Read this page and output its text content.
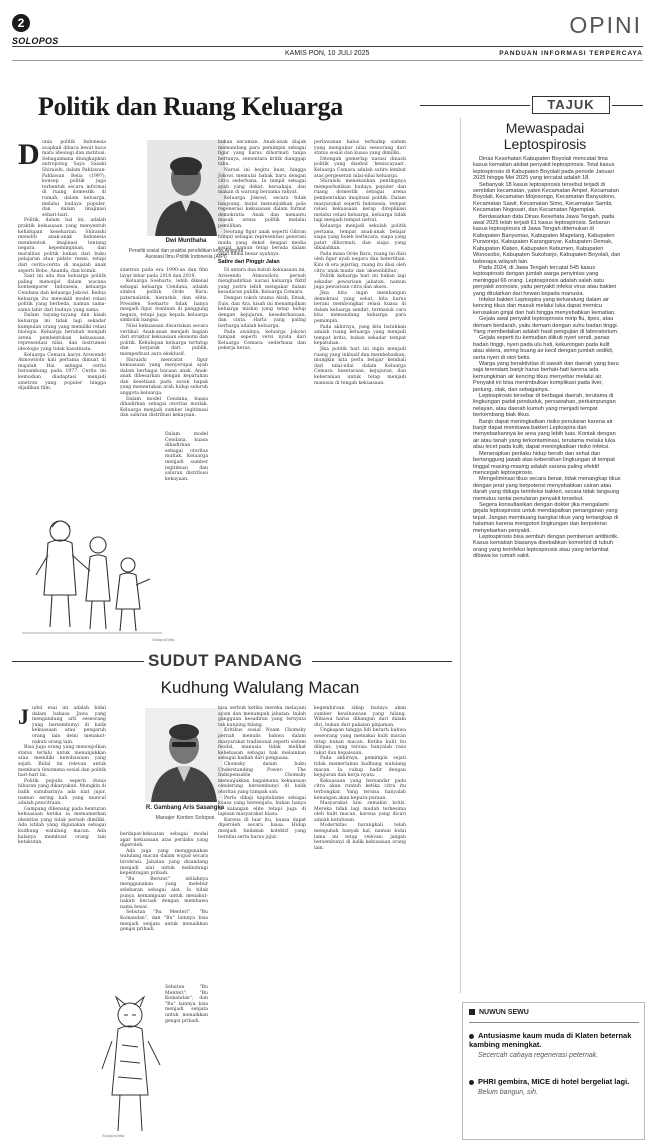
2
SOLOPOS
OPINI
KAMIS PON, 10 JULI 2025	PANDUAN INFORMASI TERPERCAYA
Politik dan Ruang Keluarga
D unia politik Indonesia acapkali dibaca lewat kaca mata ideologi dan institusi. Sebagaimana diungkapkan antropolog Saya Sasaki Shiraishi, dalam Pahlawan-Pahlawan Belia (1997), konsep politik juga terbentuk secara informal di ruang domestik: di rumah, dalam keluarga, melalui budaya populer, dan dalam imajinasi sehari-hari.

Politik, dalam hal ini, adalah praktik kekuasaan yang menyentuh kehidupan keseharian. Shiraishi meneliti anak-anak Indonesia membentuk imajinasi tentang negara, kepemimpinan, dan moralitas politik bukan dari buku pelajaran atau pidato resmi, tetapi dari cerita-cerita di majalah anak seperti Bobo, Ananda, dan komik.

Saat ini ada dua keluarga politik paling menonjol dalam wacana kontemporer Indonesia, keluarga Cendana dan keluarga Jokowi. Kedua keluarga itu mewakili model relasi politik yang berbeda, namun sama-sama lahir dari budaya yang sama.

Dalam tayang-tayang dan kisah keluarga ini tidak lagi sekadar kumpulan orang yang memiliki relasi biologis. Keluarga berubah menjadi arena pembentukan kekuasaan, representasi nilai, dan instrumen ideologis yang tidak kasatmata.

Keluarga Cemara karya Arswendo Atmowiloto kali pertama dimuat di majalah Hai sebagai cerita bersambung pada 1977. Cerita ini kemudian diadaptasi menjadi sinetron yang populer hingga dijadikan film.

Dwi Munthaha
Peneliti sosial dan praktisi pendidikan kritis Anggota Asosiasi Ilmu Politik Indonesia (AIPI)

sinetron pada era 1990-an dan film layar lebar pada 2018 dan 2019.

Keluarga Soeharto, lebih dikenal sebagai keluarga Cendana, adalah simbol politik Orde Baru: paternalistik, hierarkis, dan elitis. Presiden Soeharto tidak hanya menjadi figur dominan di panggung negara, tetapi juga kepala keluarga simbolik bangsa.

Nilai kekuasaan diwariskan secara vertikal. Anak-anak menjadi bagian dari struktur kekuasaan ekonomi dan politik. Kehidupan keluarga tertutup dan berjarak dari publik, memperkuat aura eksklusif.

Shiraishi mencatat figur kekuasaan yang menyerupai ayah dalam berbagai bacaan anak. Anak-anak dibesarkan dengan kepatuhan dan kesetiaan pada sosok bapak yang menentukan arah hidup seluruh anggota keluarga.

Dalam model Cendana, kuasa dihadirkan sebagai otoritas mutlak. Keluarga menjadi sumber legitimasi dan saluran distribusi kekayaan.

Dalam model Cendana, kuasa dihadirkan sebagai otoritas mutlak. Keluarga menjadi sumber legitimasi dan saluran distribusi kekayaan.

Solopos/Vita

bukan ancaman. Anak-anak diajak memandang para pemimpin sebagai figur yang harus dihormati tanpa bertanya, sementara kritik dianggap tabu.

Narasi ini begitu kuat, hingga Jokowi memulai babak baru dengan citra sederhana. Ia tampil sebagai ayah yang dekat, bersahaja, dan makan di warung bersama rakyat.

Keluarga Jokowi, secara tidak langsung, mulai menunjukkan pola regenerasi kekuasaan dalam format demokratis. Anak dan menantu masuk arena politik melalui pemilihan.

Seorang figur anak seperti Gibran tampil sebagai representasi generasi muda yang dekat dengan media sosial, namun tetap berada dalam orbit nama besar ayahnya.

Satire dari Pinggir Jalan

Di antara dua kutub kekuasaan ini, Arswendo Atmowiloto pernah menghadirkan narasi keluarga fiktif yang justru lebih mengakar dalam kesadaran publik: Keluarga Cemara.

Dengan tokoh utama Abah, Emak, Euis, dan Ara, kisah ini menampilkan keluarga miskin yang tetap hidup dengan kejujuran, kesederhanaan, dan cinta. Harta yang paling berharga adalah keluarga.

Pada awalnya, keluarga Jokowi tampak seperti versi nyata dari Keluarga Cemara: sederhana dan pekerja keras.

perlawanan halus terhadap sistem yang mengukur nilai seseorang dari status sosial dan kuasa yang dimiliki.

Ditengah gemerlap narasi dinasti politik yang disebut 'keniscayaan', Keluarga Cemara adalah satire lembut atas pergeseran nilai-nilai keluarga.

Shiraishi menekankan pentingnya memperhatikan budaya populer dan ruang domestik sebagai arena pembentukan imajinasi politik. Dalam masyarakat seperti Indonesia, tempat relasi kekuasaan kerap direplikasi melalui relasi keluarga, keluarga tidak lagi menjadi tempat netral.

Keluarga menjadi sekolah politik pertama, tempat anak-anak belajar siapa yang boleh berbicara, siapa yang patut dihormati, dan siapa yang dikalahkan.

Pada masa Orde Baru, ruang ini diisi oleh figur ayah negara dan ketertiban. Kini di era jejaring, ruang itu diisi oleh citra 'anak muda' dan 'aksesibilitas'.

Politik keluarga hari ini bukan lagi sekadar pewarisan jabatan, namun juga pewarisan citra dan akses.

Jika kita ingin membangun demokrasi yang sehat, kita harus berani membongkar relasi kuasa di dalam keluarga sendiri, termasuk cara kita memandang keluarga para pemimpin.

Pada akhirnya, yang kita butuhkan adalah ruang keluarga yang menjadi tempat kritis, bukan sekadar tempat kepatuhan.

Jika politik hari ini ingin menjadi ruang yang inklusif dan membebaskan, mungkin kita perlu belajar kembali dari nilai-nilai dalam Keluarga Cemara: kesetaraan, kejujuran, dan keberanian untuk tetap menjadi manusia di tengah kekuasaan.

TAJUK
Mewaspadai Leptospirosis

Dinas Kesehatan Kabupaten Boyolali mencatat lima kasus kematian akibat penyakit leptospirosis. Total kasus leptospirosis di Kabupaten Boyolali pada periode Januari 2025 hingga Mei 2025 yang tercatat adalah 18.

Sebanyak 18 kasus leptospirosis tersebut terjadi di sembilan kecamatan, yakni Kecamatan Ampel, Kecamatan Boyolali, Kecamatan Mojosongo, Kecamatan Banyudono, Kecamatan Sawit, Kecamatan Simo, Kecamatan Sambi, Kecamatan Nogosari, dan Kecamatan Ngemplak.

Berdasarkan data Dinas Kesehata Jawa Tengah, pada awal 2025 telah terjadi 61 kasus leptospirosis. Sebaran kasus leptospirosis di Jawa Tengah ditemukan di Kabupaten Banyumas, Kabupaten Magelang, Kabupaten Purworejo, Kabupaten Karanganyar, Kabupaten Demak, Kabupaten Klaten, Kabupaten Kebumen, Kabupaten Wonosobo, Kabupaten Sukoharjo, Kabupaten Boyolali, dan beberapa wilayah lain.

Pada 2024, di Jawa Tengah tercatat 545 kasus leptospirosis dengan jumlah warga penyintas yang meninggal 66 orang. Leptospirosis adalah salah satu penyakit zoonosis, yaitu penyakit infeksi virus atau bakteri yang ditularkan dari hewan kepada manusia.

Infeksi bakteri Leptospira yang terkandung dalam air kencing tikus dan masuk melalui luka dapat memicu kerusakan ginjal dan hati hingga menyebabkan kematian.

Gejala awal penyakit leptospirosis mirip flu, tipes, atau demam berdarah, yaitu demam dengan suhu badan tinggi. Yang membedakan adalah hasil pengujian di laboratorium.

Gejala seperti itu kemudian diikuti nyeri sendi, panas badan tinggi, nyeri pada ulu hati, kekuningan pada kulit atau sklera, sering buang air kecil dengan jumlah sedikit, serta nyeri di otot betis.

Warga yang beraktivitas di sawah dan daerah yang baru saja terendam banjir harus berhati-hati karena ada kemungkinan air kencing tikus menyebar melalui air. Penyakit ini bisa menimbulkan komplikasi pada liver, jantung, otak, dan sebagainya.

Leptospirosis tersebar di berbagai daerah, terutama di lingkungan padat penduduk, persawahan, perkampungan nelayan, atau daerah kumuh yang menjadi tempat berkembang biak tikus.

Banjir dapat meningkatkan risiko penularan karena air banjir dapat membawa bakteri Leptospira dan menyebarkannya ke area yang lebih luas. Kontak dengan air atau tanah yang terkontaminasi, terutama melalui luka atau lecet pada kulit, dapat meningkatkan risiko infeksi.

Menerapkan perilaku hidup bersih dan sehat dan bertanggung jawab atas kebersihan lingkungan di tempat tinggal masing-masing adalah sarana paling efektif mencegah leptospirosis.

Mengeliminasi tikus secara benar, tidak menangkap tikus dengan jerat yang berpotensi menyebabkan cairan atau darah yang diduga terinfeksi bakteri, secara tidak langsung memutus rantai penularan penyakit tersebut.

Segera konsultasikan dengan dokter jika mengalami gejala leptospirosis untuk mendapatkan penanganan yang tepat. Jangan membuang bangkai tikus yang tertangkap di halaman karena mengotori lingkungan dan berpotensi menyebarkan penyakit.

Leptospirosis bisa sembuh dengan pemberian antibiotik. Kasus kematian biasanya disebabkan komorbid di tubuh orang yang terinfeksi leptospirosis atau yang terlambat dibawa ke rumah sakit.

NUWUN SEWU
Antusiasme kaum muda di Klaten beternak kambing meningkat.
Secercah cahaya regenerasi peternak.
PHRI gembira, MICE di hotel bergeliat lagi.
Belum bangun, sih.
SUDUT PANDANG
Kudhung Walulang Macan
J udul esai ini adalah bidal dalam bahasa Jawa yang mengandung arti seseorang yang bersembunyi di balik kekuasaan atau pengaruh orang lain demi menakut-nakuti orang lain.

Bisa juga orang yang menonjolkan status terlalu untuk menunjukkan atau memiliki kewibawaan yang sejati. Bidal ini relevan untuk membaca fenomena sosial dan politik hari-hari ini.

Politik populis seperti dunia hiburan yang dikaryakan. Mungkin di balik sanubarinya ada niat jujur, namun sering kali yang muncul adalah pencitraan.

Gampang dikenang pada benturan kekuasaan ketika ia memamerkan identitas yang tidak pernah dimiliki. Ada istilah yang digunakan sebagai kudhung walulang macan. Ada kalanya membuat orang lain ketakutan.

R. Gambang Aris Sasangka
Manajer Konten Solopos

berdapat-kekuatan sebagai modal agar kekuasaan atas perilaku yang diperoleh.

Ada juga yang menggunakan walulang macan dalam wujud secara birokrasi. Jabatan yang disandang menjadi alat untuk melindungi kepentingan pribadi.

"Bu Bersiwi" istilahnya menggunakan yang melebur selebaran sebagai alat. Ia tidak punya kemampuan untuk menakut-nakuti kecuali dengan membawa nama besar.

Sebutan "Bu Menteri", "Bu Komandan", dan "Bu" lainnya bisa menjadi senjata untuk menaikkan gengsi pribadi.

Sebutan "Bu Menteri", "Bu Komandan", dan "Bu" lainnya bisa menjadi senjata untuk menaikkan gengsi pribadi.

Solopos/Vita

bisa serbuk ketika mereka melayani ayam dan menumpuk jabatan. Inilah gangguan kesadiran yang ternyata tak kunjung hilang.

Kritikus sosial Noam Chomsky pernah menulis bahwa dalam masyarakat tradisional seperti sistem feodal, manusia tidak melihat kebebasan sebagai hak melainkan sebagai hadiah dari penguasa.

Chomsky dalam buku Understanding Power: The Indispensable Chomsky menunjukkan bagaimana kekuasaan cenderung bersembunyi di balik otoritas yang tampak sah.

Perlu dikaji kapitalisme sebagai kuasa yang bersenjata, bukan hanya di kalangan elite tetapi juga di lapisan masyarakat biasa.

Karena di luar itu, kuasa dapat diperoleh secara biasa. Hidup menjadi tindakan kolektif yang bernilai serta harus jujur.

kegembiraan sikap budaya akan sumber kewibawaan yang hilang. Wibawa harus dibangun dari dalam diri, bukan dari pakaian pinjaman.

Ungkapan tangga lidi berarti bahwa seseorang yang memakai kulit macan tetap bukan macan. Ketika kulit itu dilepas, yang tersisa hanyalah rasa takut dan kepalsuan.

Pada akhirnya, pemimpin sejati tidak memerlukan kudhung walulang macan. Ia cukup hadir dengan kejujuran dan kerja nyata.

Kekuasaan yang bersandar pada citra akan runtuh ketika citra itu terbongkar. Yang tersisa hanyalah kenangan akan kepura-puraan.

Masyarakat kini semakin kritis. Mereka tidak lagi mudah terkesima oleh kulit macan, karena yang dicari adalah ketulusan.

Modernitas barangkali telah mengubah banyak hal, namun bidal lama ini tetap relevan: jangan bersembunyi di balik kekuasaan orang lain.
